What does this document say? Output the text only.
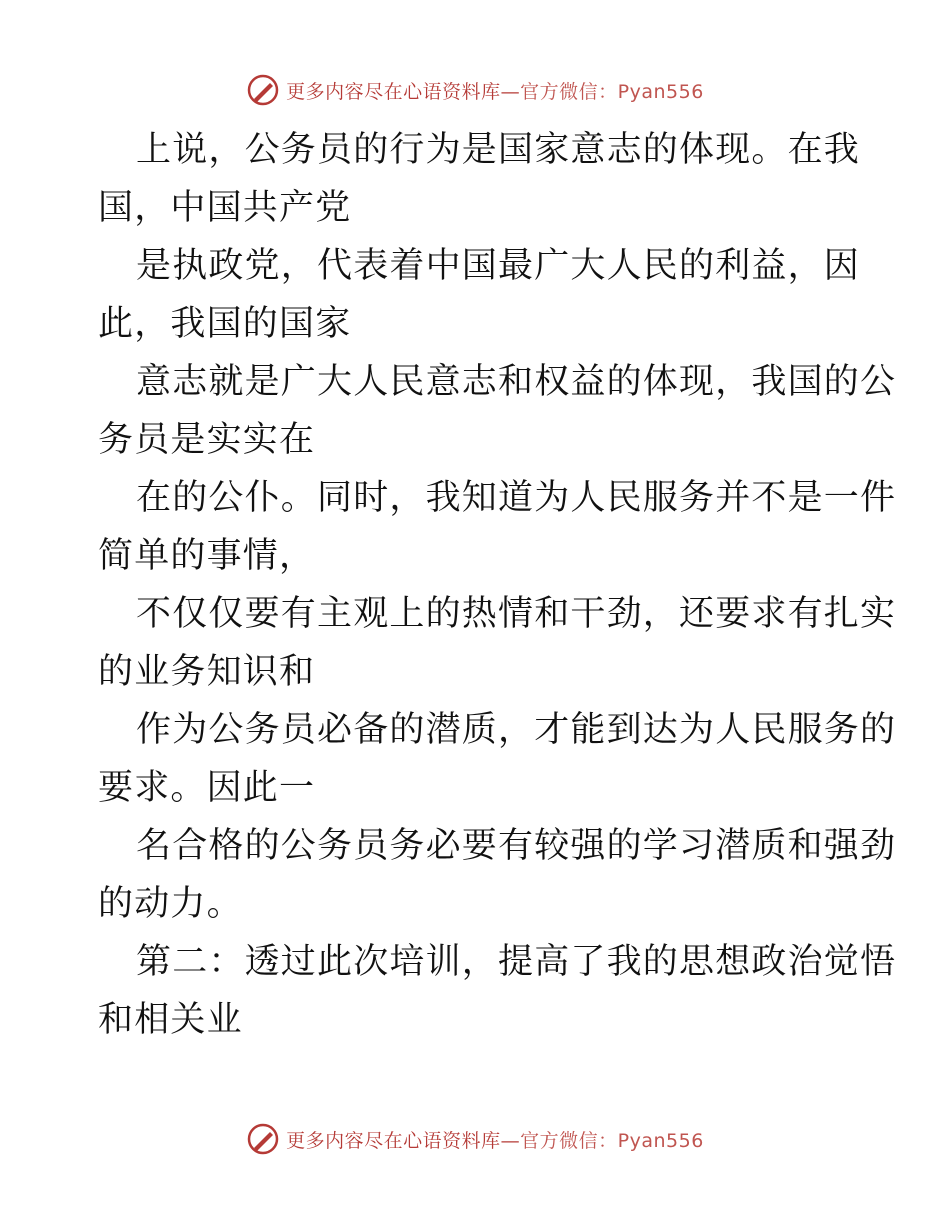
更多内容尽在心语资料库—官方微信：Pyan556

上说，公务员的行为是国家意志的体现。在我
国，中国共产党

是执政党，代表着中国最广大人民的利益，因
此，我国的国家

意志就是广大人民意志和权益的体现，我国的公
务员是实实在

在的公仆。同时，我知道为人民服务并不是一件
简单的事情，

不仅仅要有主观上的热情和干劲，还要求有扎实
的业务知识和

作为公务员必备的潜质，才能到达为人民服务的
要求。因此一

名合格的公务员务必要有较强的学习潜质和强劲
的动力。

第二：透过此次培训，提高了我的思想政治觉悟
和相关业

更多内容尽在心语资料库—官方微信：Pyan556
